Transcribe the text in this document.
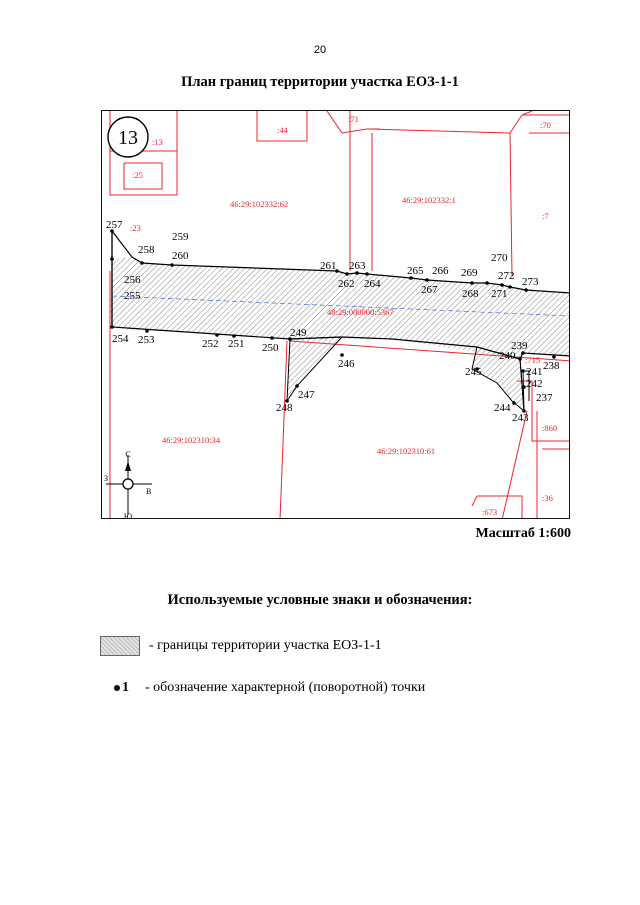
20
План границ территории участка ЕОЗ-1-1
13 :13
:25
:23
:44
:71
:70
:7
46:29:102332:62	46:29:102332:1
:715
:860
:36
:673
46:29:102310:34
46:29:102310:61
48:29:000000:5367
237
238
239
240
241
242
243
244
245
246
247
248
249
250
251
252
253
254
255
256
257
258
259
260
261
262
263
264
265 266
267 268
269
270
271
272 273
С
Ю
З
В
Масштаб 1:600
Используемые условные знаки и обозначения:
- границы территории участка ЕОЗ-1-1
1 - обозначение характерной (поворотной) точки
